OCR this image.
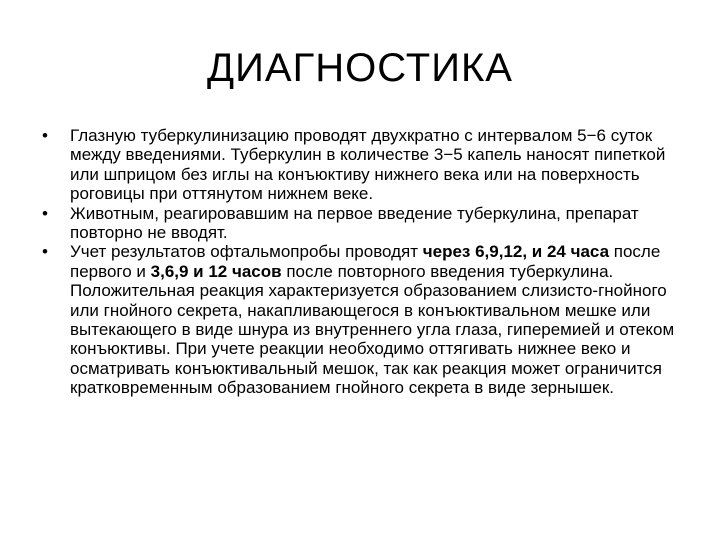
ДИАГНОСТИКА
•	Глазную туберкулинизацию проводят двухкратно с интервалом 5−6 суток между введениями. Туберкулин в количестве 3−5 капель наносят пипеткой или шприцом без иглы на конъюктиву нижнего века или на поверхность роговицы при оттянутом нижнем веке.
•	Животным, реагировавшим на первое введение туберкулина, препарат повторно не вводят.
•	Учет результатов офтальмопробы проводят через 6,9,12, и 24 часа после первого и 3,6,9 и 12 часов после повторного введения туберкулина. Положительная реакция характеризуется образованием слизисто-гнойного или гнойного секрета, накапливающегося в конъюктивальном мешке или вытекающего в виде шнура из внутреннего угла глаза, гиперемией и отеком конъюктивы. При учете реакции необходимо оттягивать нижнее веко и осматривать конъюктивальный мешок, так как реакция может ограничится кратковременным образованием гнойного секрета в виде зернышек.
